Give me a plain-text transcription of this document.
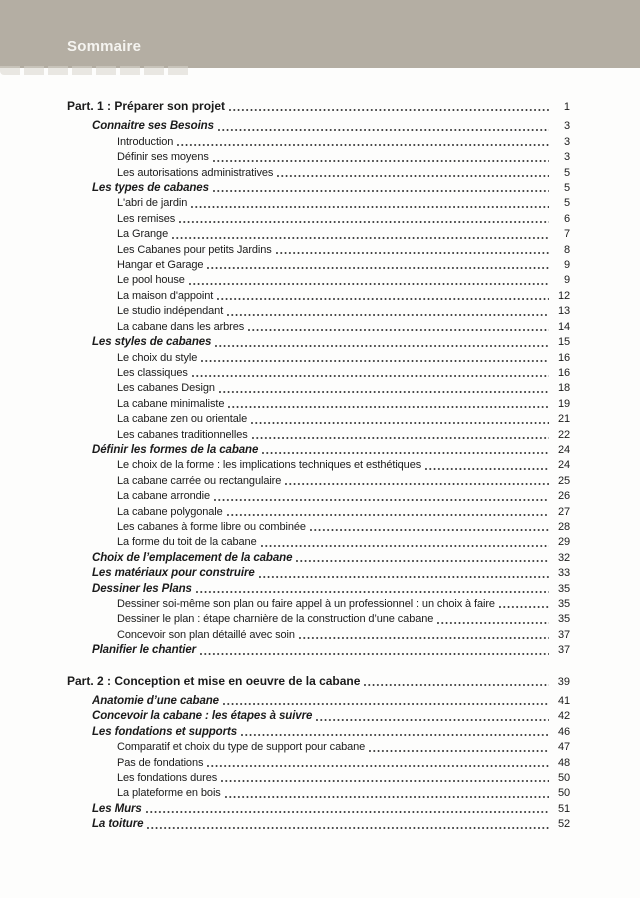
Sommaire
Part. 1 : Préparer son projet	1
Connaitre ses Besoins	3
Introduction	3
Définir ses moyens	3
Les autorisations administratives	5
Les types de cabanes	5
L'abri de jardin	5
Les remises	6
La Grange	7
Les Cabanes pour petits Jardins	8
Hangar et Garage	9
Le pool house	9
La maison d'appoint	12
Le studio indépendant	13
La cabane dans les arbres	14
Les styles de cabanes	15
Le choix du style	16
Les classiques	16
Les cabanes Design	18
La cabane minimaliste	19
La cabane zen ou orientale	21
Les cabanes traditionnelles	22
Définir les formes de la cabane	24
Le choix de la forme : les implications techniques et esthétiques	24
La cabane carrée ou rectangulaire	25
La cabane arrondie	26
La cabane polygonale	27
Les cabanes à forme libre ou combinée	28
La forme du toit de la cabane	29
Choix de l’emplacement de la cabane	32
Les matériaux pour construire	33
Dessiner les Plans	35
Dessiner soi-même son plan ou faire appel à un professionnel : un choix à faire	35
Dessiner le plan : étape charnière de la construction d’une cabane	35
Concevoir son plan détaillé avec soin	37
Planifier le chantier	37
Part. 2 : Conception et mise en oeuvre de la cabane	39
Anatomie d’une cabane	41
Concevoir la cabane : les étapes à suivre	42
Les fondations et supports	46
Comparatif et choix du type de support pour cabane	47
Pas de fondations	48
Les fondations dures	50
La plateforme en bois	50
Les Murs	51
La toiture	52
